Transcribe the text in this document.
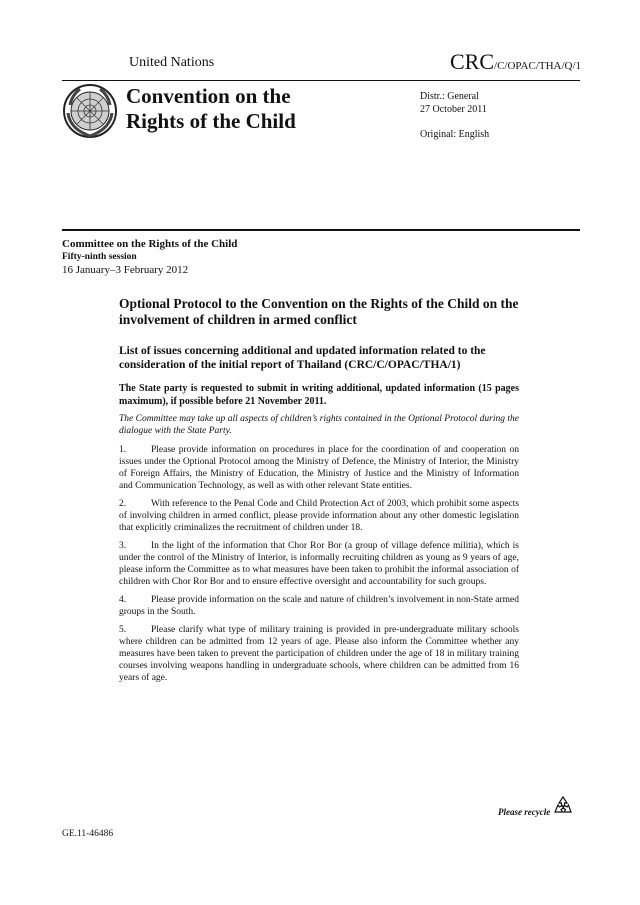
United Nations	CRC/C/OPAC/THA/Q/1
Convention on the
Rights of the Child
Distr.: General
27 October 2011
Original: English
Committee on the Rights of the Child
Fifty-ninth session
16 January–3 February 2012
Optional Protocol to the Convention on the Rights of the Child on the involvement of children in armed conflict
List of issues concerning additional and updated information related to the consideration of the initial report of Thailand (CRC/C/OPAC/THA/1)
The State party is requested to submit in writing additional, updated information (15 pages maximum), if possible before 21 November 2011.
The Committee may take up all aspects of children’s rights contained in the Optional Protocol during the dialogue with the State Party.
1.	Please provide information on procedures in place for the coordination of and cooperation on issues under the Optional Protocol among the Ministry of Defence, the Ministry of Interior, the Ministry of Foreign Affairs, the Ministry of Education, the Ministry of Justice and the Ministry of Information and Communication Technology, as well as with other relevant State entities.
2.	With reference to the Penal Code and Child Protection Act of 2003, which prohibit some aspects of involving children in armed conflict, please provide information about any other domestic legislation that explicitly criminalizes the recruitment of children under 18.
3.	In the light of the information that Chor Ror Bor (a group of village defence militia), which is under the control of the Ministry of Interior, is informally recruiting children as young as 9 years of age, please inform the Committee as to what measures have been taken to prohibit the informal association of children with Chor Ror Bor and to ensure effective oversight and accountability for such groups.
4.	Please provide information on the scale and nature of children’s involvement in non-State armed groups in the South.
5.	Please clarify what type of military training is provided in pre-undergraduate military schools where children can be admitted from 12 years of age. Please also inform the Committee whether any measures have been taken to prevent the participation of children under the age of 18 in military training courses involving weapons handling in undergraduate schools, where children can be admitted from 16 years of age.
GE.11-46486
Please recycle
